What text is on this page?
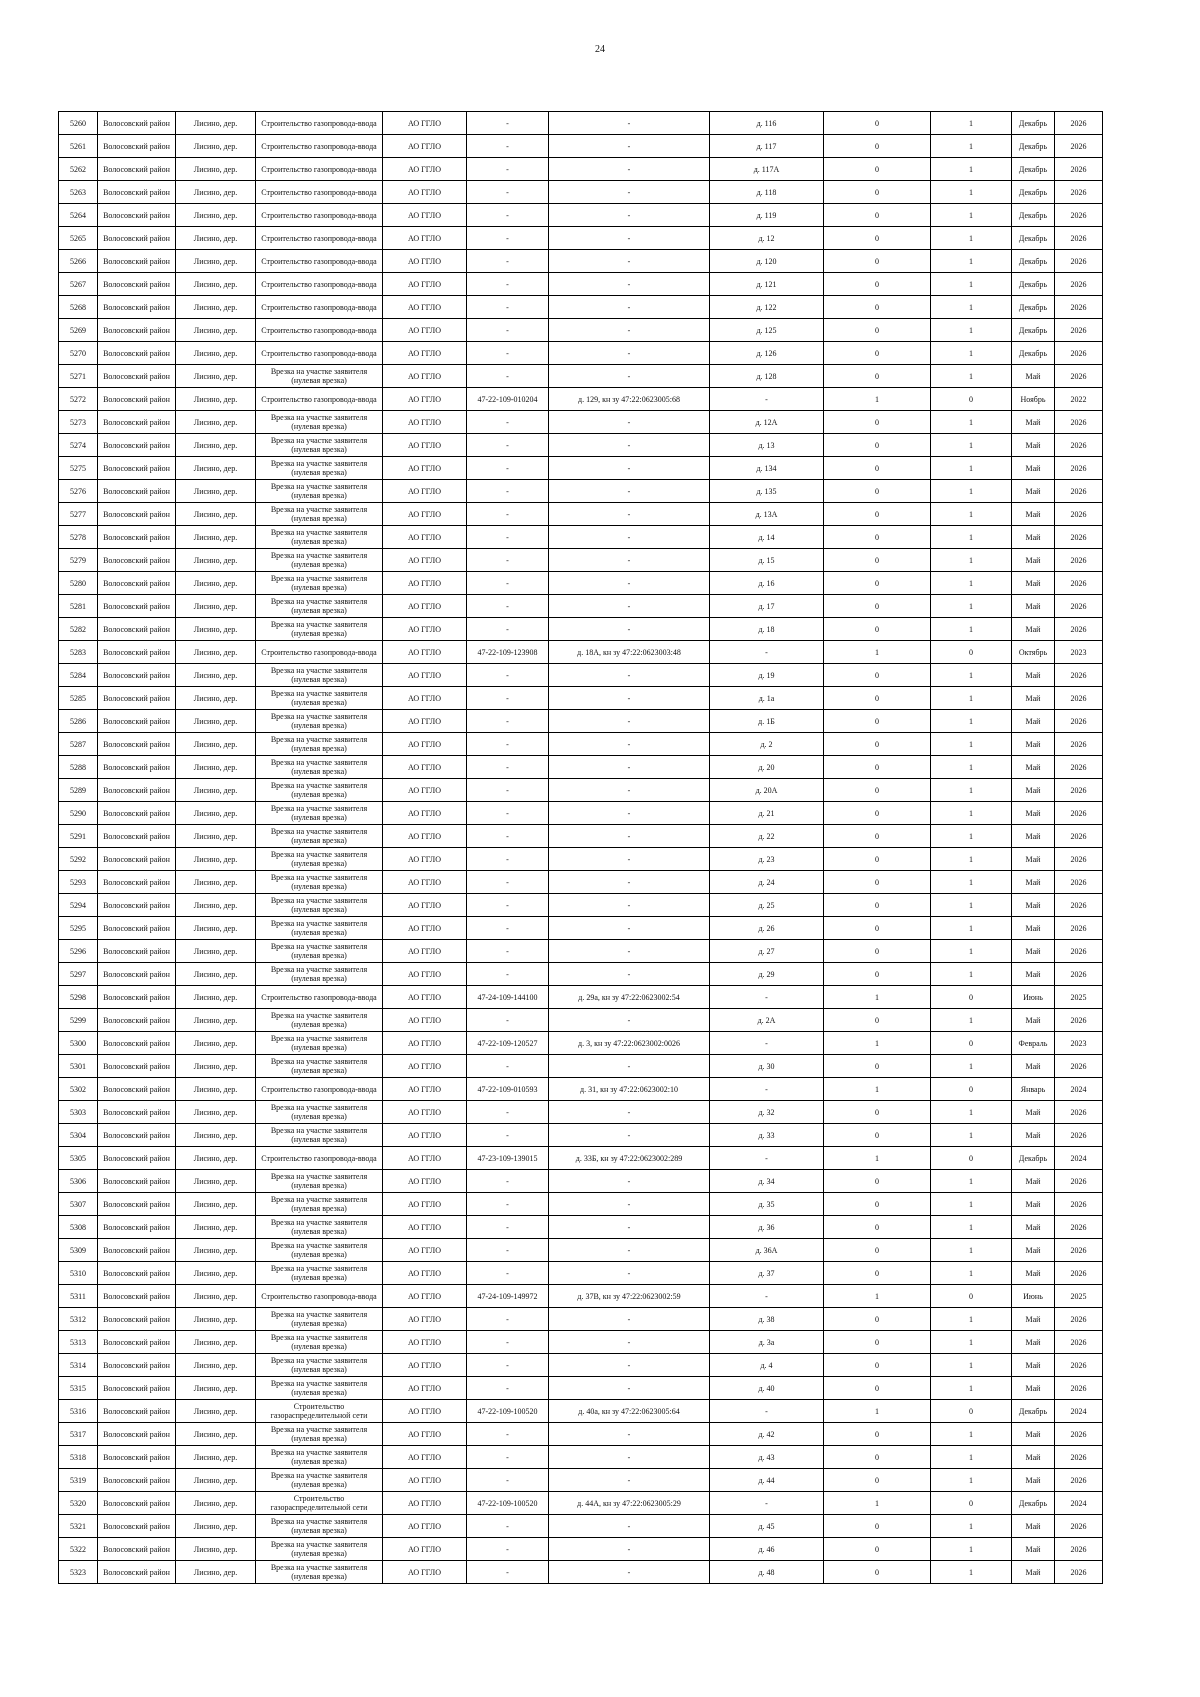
24
5260	Волосовский район	Лисино, дер.	Строительство газопровода-ввода	АО ГГЛО	-	-	д. 116	0	1	Декабрь	2026
5261	Волосовский район	Лисино, дер.	Строительство газопровода-ввода	АО ГГЛО	-	-	д. 117	0	1	Декабрь	2026
5262	Волосовский район	Лисино, дер.	Строительство газопровода-ввода	АО ГГЛО	-	-	д. 117А	0	1	Декабрь	2026
5263	Волосовский район	Лисино, дер.	Строительство газопровода-ввода	АО ГГЛО	-	-	д. 118	0	1	Декабрь	2026
5264	Волосовский район	Лисино, дер.	Строительство газопровода-ввода	АО ГГЛО	-	-	д. 119	0	1	Декабрь	2026
5265	Волосовский район	Лисино, дер.	Строительство газопровода-ввода	АО ГГЛО	-	-	д. 12	0	1	Декабрь	2026
5266	Волосовский район	Лисино, дер.	Строительство газопровода-ввода	АО ГГЛО	-	-	д. 120	0	1	Декабрь	2026
5267	Волосовский район	Лисино, дер.	Строительство газопровода-ввода	АО ГГЛО	-	-	д. 121	0	1	Декабрь	2026
5268	Волосовский район	Лисино, дер.	Строительство газопровода-ввода	АО ГГЛО	-	-	д. 122	0	1	Декабрь	2026
5269	Волосовский район	Лисино, дер.	Строительство газопровода-ввода	АО ГГЛО	-	-	д. 125	0	1	Декабрь	2026
5270	Волосовский район	Лисино, дер.	Строительство газопровода-ввода	АО ГГЛО	-	-	д. 126	0	1	Декабрь	2026
5271	Волосовский район	Лисино, дер.	Врезка на участке заявителя (нулевая врезка)	АО ГГЛО	-	-	д. 128	0	1	Май	2026
5272	Волосовский район	Лисино, дер.	Строительство газопровода-ввода	АО ГГЛО	47-22-109-010204	д. 129, кн зу 47:22:0623005:68	-	1	0	Ноябрь	2022
5273	Волосовский район	Лисино, дер.	Врезка на участке заявителя (нулевая врезка)	АО ГГЛО	-	-	д. 12А	0	1	Май	2026
5274	Волосовский район	Лисино, дер.	Врезка на участке заявителя (нулевая врезка)	АО ГГЛО	-	-	д. 13	0	1	Май	2026
5275	Волосовский район	Лисино, дер.	Врезка на участке заявителя (нулевая врезка)	АО ГГЛО	-	-	д. 134	0	1	Май	2026
5276	Волосовский район	Лисино, дер.	Врезка на участке заявителя (нулевая врезка)	АО ГГЛО	-	-	д. 135	0	1	Май	2026
5277	Волосовский район	Лисино, дер.	Врезка на участке заявителя (нулевая врезка)	АО ГГЛО	-	-	д. 13А	0	1	Май	2026
5278	Волосовский район	Лисино, дер.	Врезка на участке заявителя (нулевая врезка)	АО ГГЛО	-	-	д. 14	0	1	Май	2026
5279	Волосовский район	Лисино, дер.	Врезка на участке заявителя (нулевая врезка)	АО ГГЛО	-	-	д. 15	0	1	Май	2026
5280	Волосовский район	Лисино, дер.	Врезка на участке заявителя (нулевая врезка)	АО ГГЛО	-	-	д. 16	0	1	Май	2026
5281	Волосовский район	Лисино, дер.	Врезка на участке заявителя (нулевая врезка)	АО ГГЛО	-	-	д. 17	0	1	Май	2026
5282	Волосовский район	Лисино, дер.	Врезка на участке заявителя (нулевая врезка)	АО ГГЛО	-	-	д. 18	0	1	Май	2026
5283	Волосовский район	Лисино, дер.	Строительство газопровода-ввода	АО ГГЛО	47-22-109-123908	д. 18А, кн зу 47:22:0623003:48	-	1	0	Октябрь	2023
5284	Волосовский район	Лисино, дер.	Врезка на участке заявителя (нулевая врезка)	АО ГГЛО	-	-	д. 19	0	1	Май	2026
5285	Волосовский район	Лисино, дер.	Врезка на участке заявителя (нулевая врезка)	АО ГГЛО	-	-	д. 1а	0	1	Май	2026
5286	Волосовский район	Лисино, дер.	Врезка на участке заявителя (нулевая врезка)	АО ГГЛО	-	-	д. 1Б	0	1	Май	2026
5287	Волосовский район	Лисино, дер.	Врезка на участке заявителя (нулевая врезка)	АО ГГЛО	-	-	д. 2	0	1	Май	2026
5288	Волосовский район	Лисино, дер.	Врезка на участке заявителя (нулевая врезка)	АО ГГЛО	-	-	д. 20	0	1	Май	2026
5289	Волосовский район	Лисино, дер.	Врезка на участке заявителя (нулевая врезка)	АО ГГЛО	-	-	д. 20А	0	1	Май	2026
5290	Волосовский район	Лисино, дер.	Врезка на участке заявителя (нулевая врезка)	АО ГГЛО	-	-	д. 21	0	1	Май	2026
5291	Волосовский район	Лисино, дер.	Врезка на участке заявителя (нулевая врезка)	АО ГГЛО	-	-	д. 22	0	1	Май	2026
5292	Волосовский район	Лисино, дер.	Врезка на участке заявителя (нулевая врезка)	АО ГГЛО	-	-	д. 23	0	1	Май	2026
5293	Волосовский район	Лисино, дер.	Врезка на участке заявителя (нулевая врезка)	АО ГГЛО	-	-	д. 24	0	1	Май	2026
5294	Волосовский район	Лисино, дер.	Врезка на участке заявителя (нулевая врезка)	АО ГГЛО	-	-	д. 25	0	1	Май	2026
5295	Волосовский район	Лисино, дер.	Врезка на участке заявителя (нулевая врезка)	АО ГГЛО	-	-	д. 26	0	1	Май	2026
5296	Волосовский район	Лисино, дер.	Врезка на участке заявителя (нулевая врезка)	АО ГГЛО	-	-	д. 27	0	1	Май	2026
5297	Волосовский район	Лисино, дер.	Врезка на участке заявителя (нулевая врезка)	АО ГГЛО	-	-	д. 29	0	1	Май	2026
5298	Волосовский район	Лисино, дер.	Строительство газопровода-ввода	АО ГГЛО	47-24-109-144100	д. 29а, кн зу 47:22:0623002:54	-	1	0	Июнь	2025
5299	Волосовский район	Лисино, дер.	Врезка на участке заявителя (нулевая врезка)	АО ГГЛО	-	-	д. 2А	0	1	Май	2026
5300	Волосовский район	Лисино, дер.	Врезка на участке заявителя (нулевая врезка)	АО ГГЛО	47-22-109-120527	д. 3, кн зу 47:22:0623002:0026	-	1	0	Февраль	2023
5301	Волосовский район	Лисино, дер.	Врезка на участке заявителя (нулевая врезка)	АО ГГЛО	-	-	д. 30	0	1	Май	2026
5302	Волосовский район	Лисино, дер.	Строительство газопровода-ввода	АО ГГЛО	47-22-109-010593	д. 31, кн зу 47:22:0623002:10	-	1	0	Январь	2024
5303	Волосовский район	Лисино, дер.	Врезка на участке заявителя (нулевая врезка)	АО ГГЛО	-	-	д. 32	0	1	Май	2026
5304	Волосовский район	Лисино, дер.	Врезка на участке заявителя (нулевая врезка)	АО ГГЛО	-	-	д. 33	0	1	Май	2026
5305	Волосовский район	Лисино, дер.	Строительство газопровода-ввода	АО ГГЛО	47-23-109-139015	д. 33Б, кн зу 47:22:0623002:289	-	1	0	Декабрь	2024
5306	Волосовский район	Лисино, дер.	Врезка на участке заявителя (нулевая врезка)	АО ГГЛО	-	-	д. 34	0	1	Май	2026
5307	Волосовский район	Лисино, дер.	Врезка на участке заявителя (нулевая врезка)	АО ГГЛО	-	-	д. 35	0	1	Май	2026
5308	Волосовский район	Лисино, дер.	Врезка на участке заявителя (нулевая врезка)	АО ГГЛО	-	-	д. 36	0	1	Май	2026
5309	Волосовский район	Лисино, дер.	Врезка на участке заявителя (нулевая врезка)	АО ГГЛО	-	-	д. 36А	0	1	Май	2026
5310	Волосовский район	Лисино, дер.	Врезка на участке заявителя (нулевая врезка)	АО ГГЛО	-	-	д. 37	0	1	Май	2026
5311	Волосовский район	Лисино, дер.	Строительство газопровода-ввода	АО ГГЛО	47-24-109-149972	д. 37В, кн зу 47:22:0623002:59	-	1	0	Июнь	2025
5312	Волосовский район	Лисино, дер.	Врезка на участке заявителя (нулевая врезка)	АО ГГЛО	-	-	д. 38	0	1	Май	2026
5313	Волосовский район	Лисино, дер.	Врезка на участке заявителя (нулевая врезка)	АО ГГЛО	-	-	д. 3а	0	1	Май	2026
5314	Волосовский район	Лисино, дер.	Врезка на участке заявителя (нулевая врезка)	АО ГГЛО	-	-	д. 4	0	1	Май	2026
5315	Волосовский район	Лисино, дер.	Врезка на участке заявителя (нулевая врезка)	АО ГГЛО	-	-	д. 40	0	1	Май	2026
5316	Волосовский район	Лисино, дер.	Строительство газораспределительной сети	АО ГГЛО	47-22-109-100520	д. 40а, кн зу 47:22:0623005:64	-	1	0	Декабрь	2024
5317	Волосовский район	Лисино, дер.	Врезка на участке заявителя (нулевая врезка)	АО ГГЛО	-	-	д. 42	0	1	Май	2026
5318	Волосовский район	Лисино, дер.	Врезка на участке заявителя (нулевая врезка)	АО ГГЛО	-	-	д. 43	0	1	Май	2026
5319	Волосовский район	Лисино, дер.	Врезка на участке заявителя (нулевая врезка)	АО ГГЛО	-	-	д. 44	0	1	Май	2026
5320	Волосовский район	Лисино, дер.	Строительство газораспределительной сети	АО ГГЛО	47-22-109-100520	д. 44А, кн зу 47:22:0623005:29	-	1	0	Декабрь	2024
5321	Волосовский район	Лисино, дер.	Врезка на участке заявителя (нулевая врезка)	АО ГГЛО	-	-	д. 45	0	1	Май	2026
5322	Волосовский район	Лисино, дер.	Врезка на участке заявителя (нулевая врезка)	АО ГГЛО	-	-	д. 46	0	1	Май	2026
5323	Волосовский район	Лисино, дер.	Врезка на участке заявителя (нулевая врезка)	АО ГГЛО	-	-	д. 48	0	1	Май	2026
